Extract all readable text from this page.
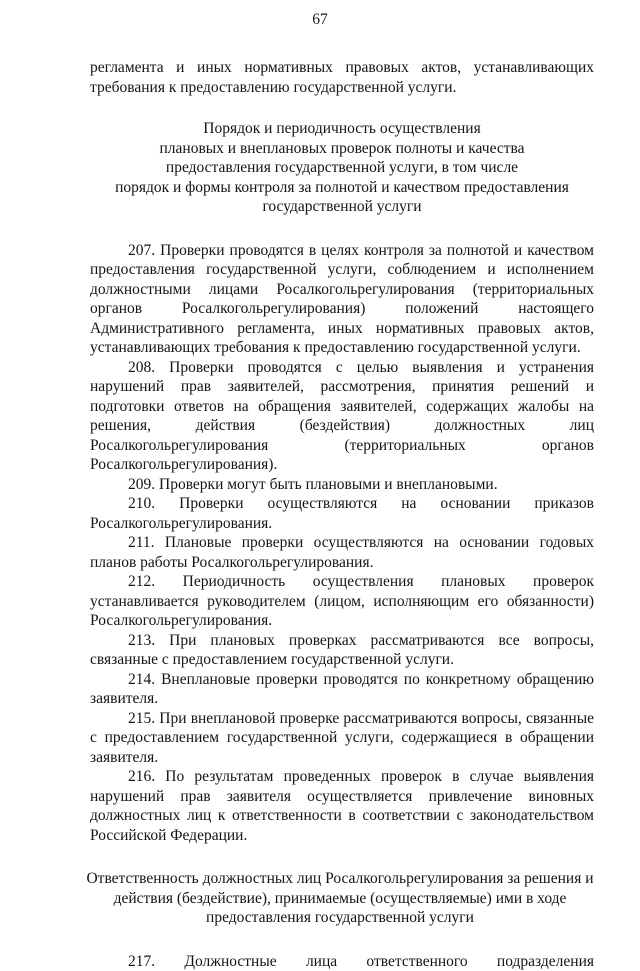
67

регламента и иных нормативных правовых актов, устанавливающих требования к предоставлению государственной услуги.

Порядок и периодичность осуществления
плановых и внеплановых проверок полноты и качества
предоставления государственной услуги, в том числе
порядок и формы контроля за полнотой и качеством предоставления
государственной услуги

207. Проверки проводятся в целях контроля за полнотой и качеством предоставления государственной услуги, соблюдением и исполнением должностными лицами Росалкогольрегулирования (территориальных органов Росалкогольрегулирования) положений настоящего Административного регламента, иных нормативных правовых актов, устанавливающих требования к предоставлению государственной услуги.

208. Проверки проводятся с целью выявления и устранения нарушений прав заявителей, рассмотрения, принятия решений и подготовки ответов на обращения заявителей, содержащих жалобы на решения, действия (бездействия) должностных лиц Росалкогольрегулирования (территориальных органов Росалкогольрегулирования).

209. Проверки могут быть плановыми и внеплановыми.

210. Проверки осуществляются на основании приказов Росалкогольрегулирования.

211. Плановые проверки осуществляются на основании годовых планов работы Росалкогольрегулирования.

212. Периодичность осуществления плановых проверок устанавливается руководителем (лицом, исполняющим его обязанности) Росалкогольрегулирования.

213. При плановых проверках рассматриваются все вопросы, связанные с предоставлением государственной услуги.

214. Внеплановые проверки проводятся по конкретному обращению заявителя.

215. При внеплановой проверке рассматриваются вопросы, связанные с предоставлением государственной услуги, содержащиеся в обращении заявителя.

216. По результатам проведенных проверок в случае выявления нарушений прав заявителя осуществляется привлечение виновных должностных лиц к ответственности в соответствии с законодательством Российской Федерации.

Ответственность должностных лиц Росалкогольрегулирования за решения и
действия (бездействие), принимаемые (осуществляемые) ими в ходе
предоставления государственной услуги

217. Должностные лица ответственного подразделения
